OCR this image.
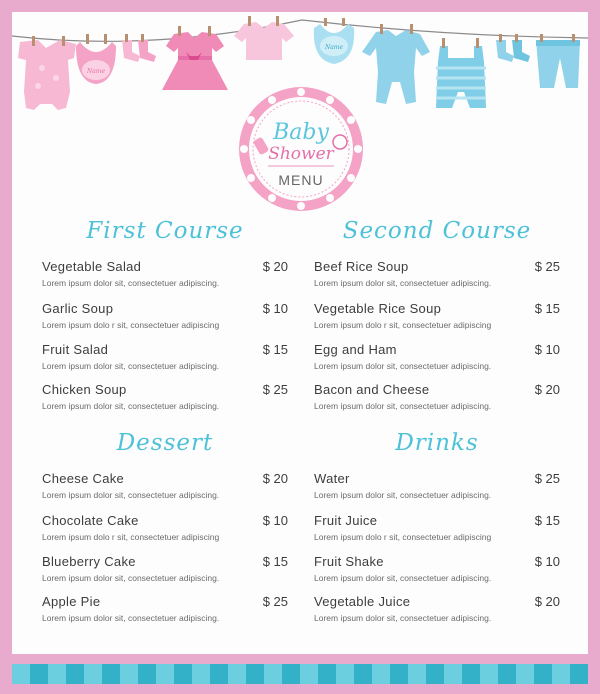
Name
Name
Baby
Shower
MENU
First Course	Second Course
Dessert	Drinks
Vegetable Salad	$ 20
Lorem ipsum dolor sit, consectetuer adipiscing.
Garlic Soup	$ 10
Lorem ipsum dolo r sit, consectetuer adipiscing
Fruit Salad	$ 15
Lorem ipsum dolor sit, consectetuer adipiscing.
Chicken Soup	$ 25
Lorem ipsum dolor sit, consectetuer adipiscing.
Beef Rice Soup	$ 25
Lorem ipsum dolor sit, consectetuer adipiscing.
Vegetable Rice Soup	$ 15
Lorem ipsum dolo r sit, consectetuer adipiscing
Egg and Ham	$ 10
Lorem ipsum dolor sit, consectetuer adipiscing.
Bacon and Cheese	$ 20
Lorem ipsum dolor sit, consectetuer adipiscing.
Cheese Cake	$ 20
Lorem ipsum dolor sit, consectetuer adipiscing.
Chocolate Cake	$ 10
Lorem ipsum dolo r sit, consectetuer adipiscing
Blueberry Cake	$ 15
Lorem ipsum dolor sit, consectetuer adipiscing.
Apple Pie	$ 25
Lorem ipsum dolor sit, consectetuer adipiscing.
Water	$ 25
Lorem ipsum dolor sit, consectetuer adipiscing.
Fruit Juice	$ 15
Lorem ipsum dolo r sit, consectetuer adipiscing
Fruit Shake	$ 10
Lorem ipsum dolor sit, consectetuer adipiscing.
Vegetable Juice	$ 20
Lorem ipsum dolor sit, consectetuer adipiscing.
